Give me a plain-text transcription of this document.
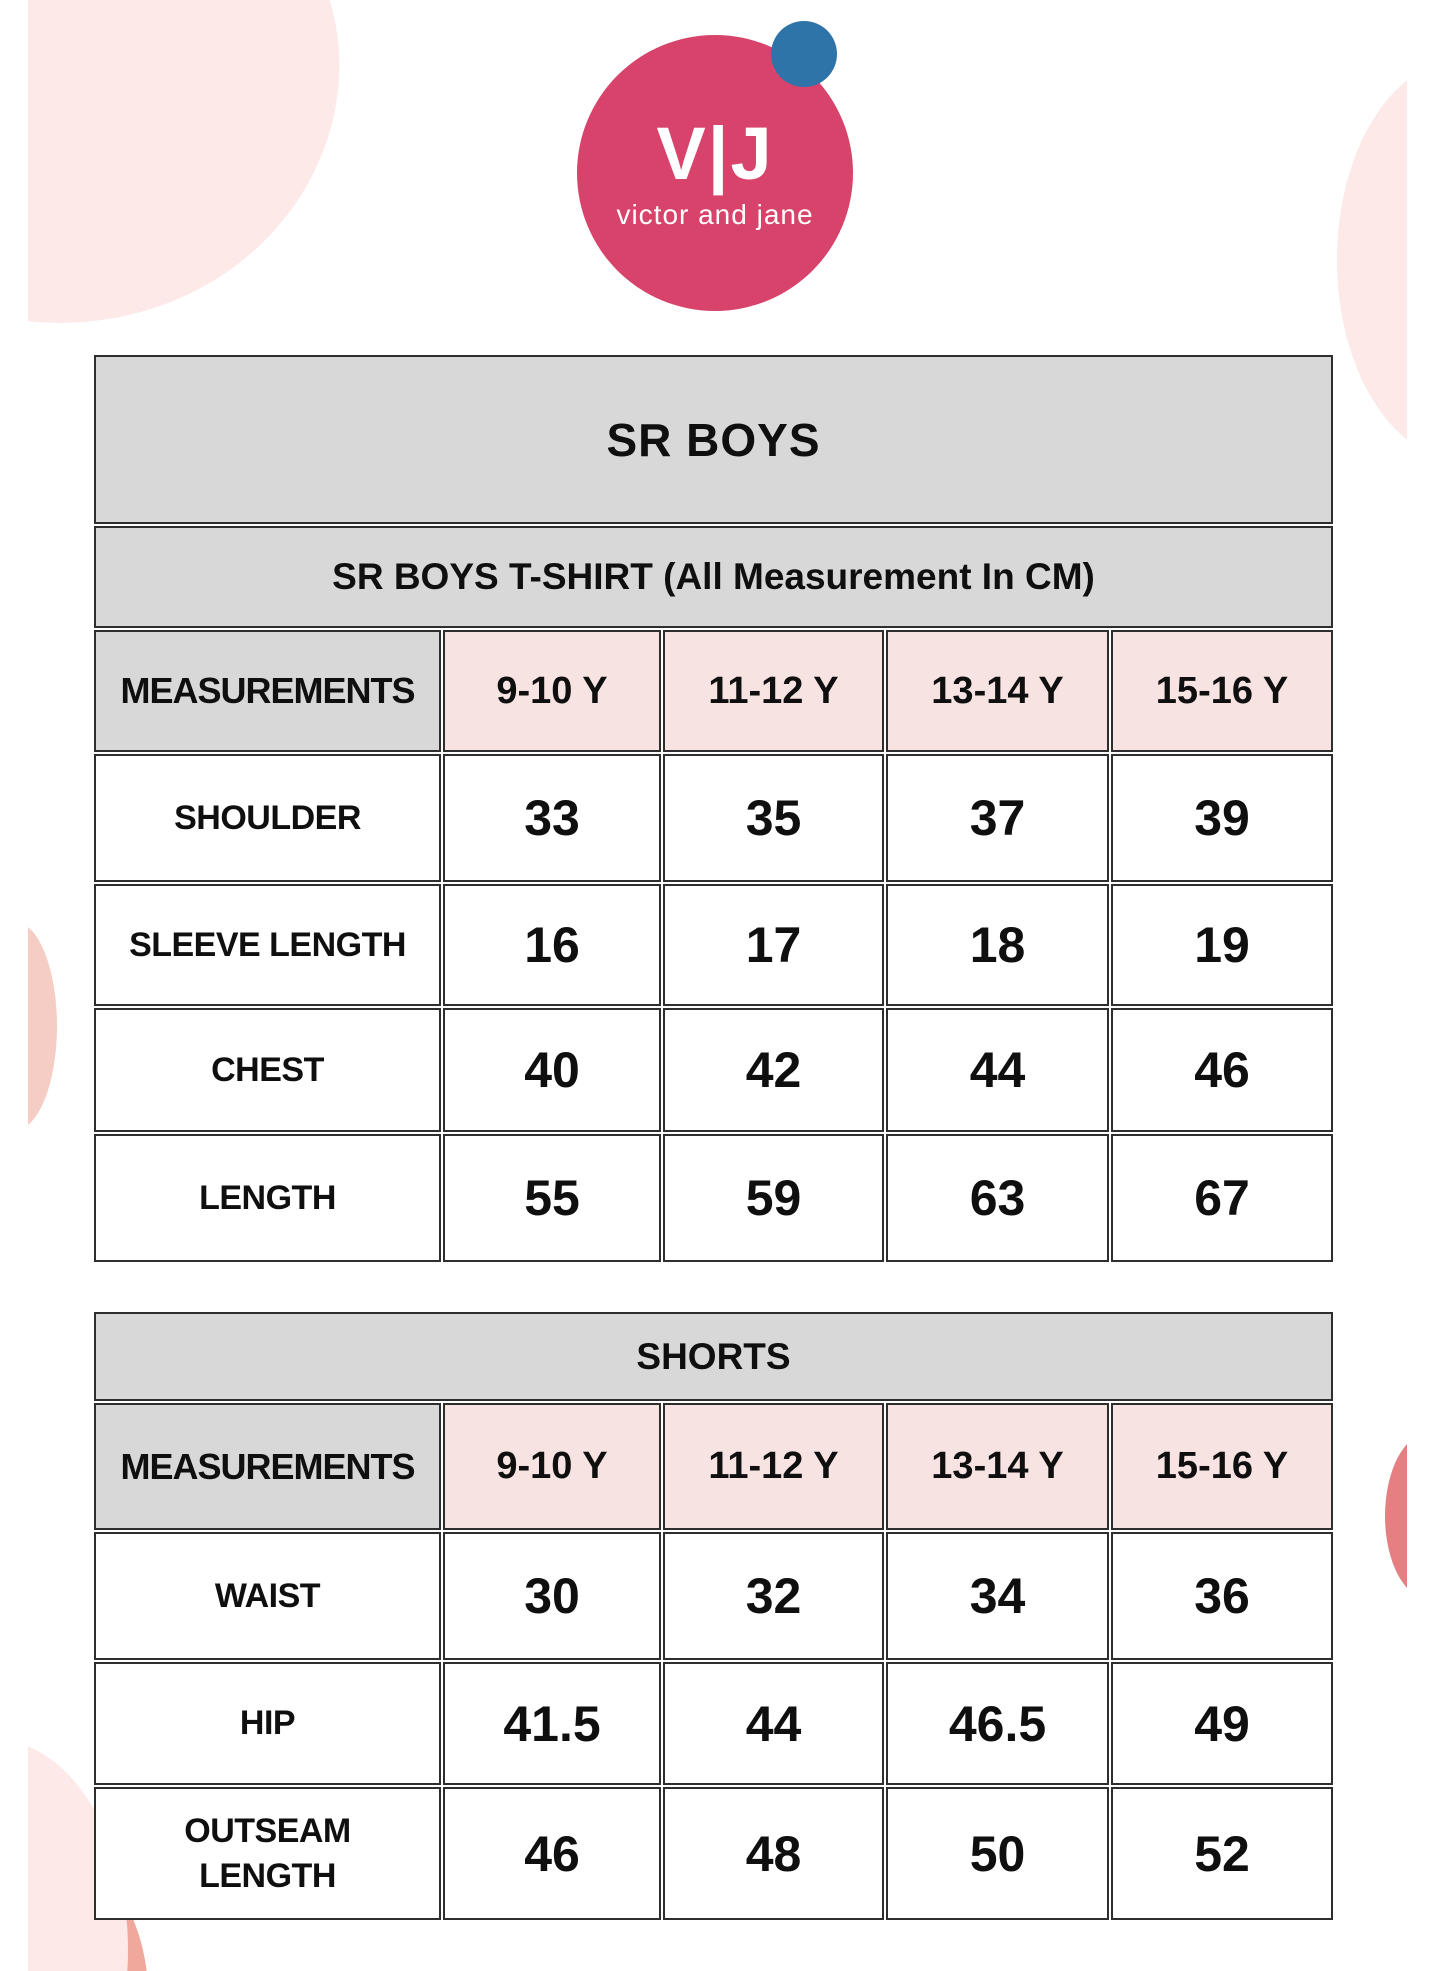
V|J
victor and jane
SR BOYS
SR BOYS T-SHIRT (All Measurement In CM)
MEASUREMENTS	9-10 Y	11-12 Y	13-14 Y	15-16 Y
SHOULDER	33	35	37	39
SLEEVE LENGTH	16	17	18	19
CHEST	40	42	44	46
LENGTH	55	59	63	67
SHORTS
MEASUREMENTS	9-10 Y	11-12 Y	13-14 Y	15-16 Y
WAIST	30	32	34	36
HIP	41.5	44	46.5	49
OUTSEAM LENGTH	46	48	50	52
